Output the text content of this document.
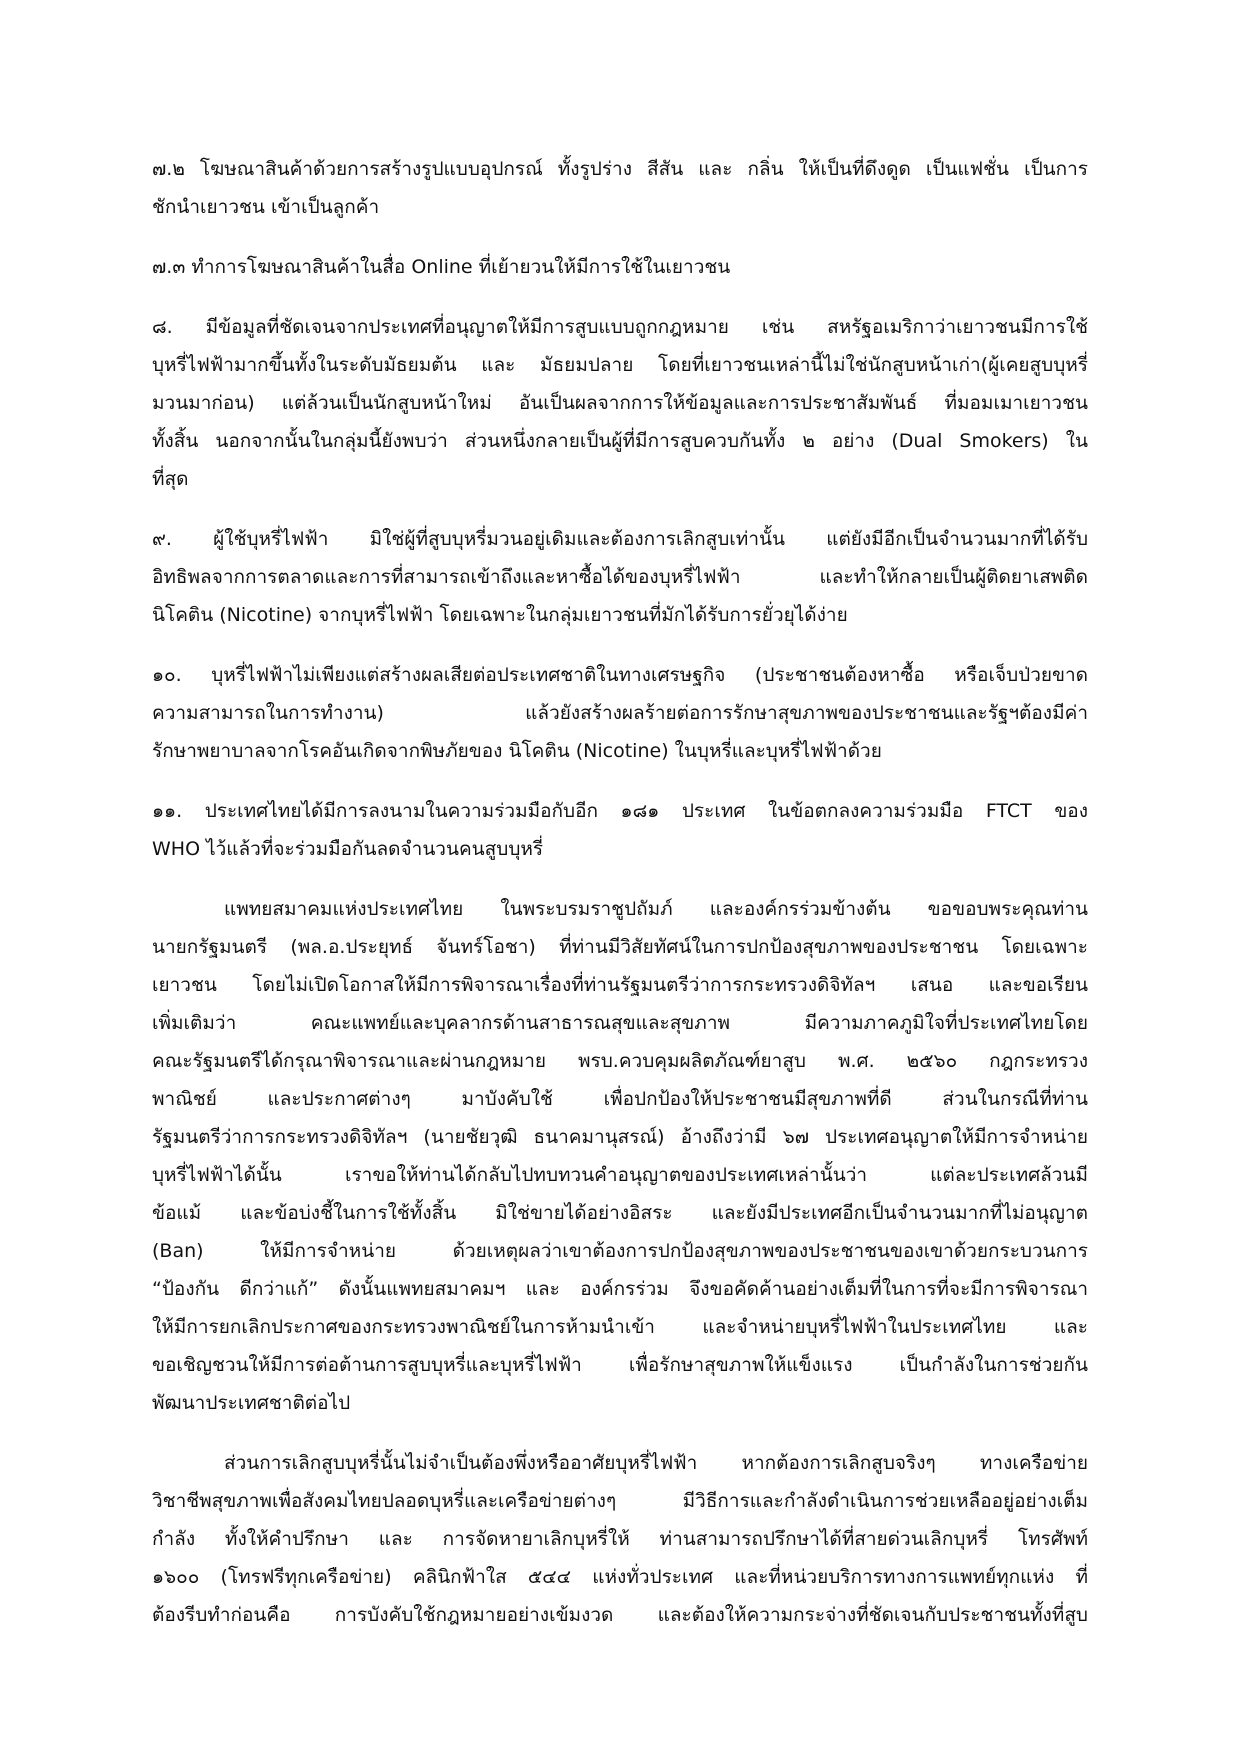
๗.๒ โฆษณาสินค้าด้วยการสร้างรูปแบบอุปกรณ์ ทั้งรูปร่าง สีสัน และ กลิ่น ให้เป็นที่ดึงดูด เป็นแฟชั่น เป็นการ
ชักนำเยาวชน เข้าเป็นลูกค้า
๗.๓ ทำการโฆษณาสินค้าในสื่อ Online ที่เย้ายวนให้มีการใช้ในเยาวชน
๘. มีข้อมูลที่ชัดเจนจากประเทศที่อนุญาตให้มีการสูบแบบถูกกฎหมาย เช่น สหรัฐอเมริกาว่าเยาวชนมีการใช้
บุหรี่ไฟฟ้ามากขึ้นทั้งในระดับมัธยมต้น และ มัธยมปลาย โดยที่เยาวชนเหล่านี้ไม่ใช่นักสูบหน้าเก่า(ผู้เคยสูบบุหรี่
มวนมาก่อน) แต่ล้วนเป็นนักสูบหน้าใหม่ อันเป็นผลจากการให้ข้อมูลและการประชาสัมพันธ์ ที่มอมเมาเยาวชน
ทั้งสิ้น นอกจากนั้นในกลุ่มนี้ยังพบว่า ส่วนหนึ่งกลายเป็นผู้ที่มีการสูบควบกันทั้ง ๒ อย่าง (Dual Smokers) ใน
ที่สุด
๙. ผู้ใช้บุหรี่ไฟฟ้า มิใช่ผู้ที่สูบบุหรี่มวนอยู่เดิมและต้องการเลิกสูบเท่านั้น แต่ยังมีอีกเป็นจำนวนมากที่ได้รับ
อิทธิพลจากการตลาดและการที่สามารถเข้าถึงและหาซื้อได้ของบุหรี่ไฟฟ้า และทำให้กลายเป็นผู้ติดยาเสพติด
นิโคติน (Nicotine) จากบุหรี่ไฟฟ้า โดยเฉพาะในกลุ่มเยาวชนที่มักได้รับการยั่วยุได้ง่าย
๑๐. บุหรี่ไฟฟ้าไม่เพียงแต่สร้างผลเสียต่อประเทศชาติในทางเศรษฐกิจ (ประชาชนต้องหาซื้อ หรือเจ็บป่วยขาด
ความสามารถในการทำงาน) แล้วยังสร้างผลร้ายต่อการรักษาสุขภาพของประชาชนและรัฐฯต้องมีค่า
รักษาพยาบาลจากโรคอันเกิดจากพิษภัยของ นิโคติน (Nicotine) ในบุหรี่และบุหรี่ไฟฟ้าด้วย
๑๑. ประเทศไทยได้มีการลงนามในความร่วมมือกับอีก ๑๘๑ ประเทศ ในข้อตกลงความร่วมมือ FTCT ของ
WHO ไว้แล้วที่จะร่วมมือกันลดจำนวนคนสูบบุหรี่
แพทยสมาคมแห่งประเทศไทย ในพระบรมราชูปถัมภ์ และองค์กรร่วมข้างต้น ขอขอบพระคุณท่าน
นายกรัฐมนตรี (พล.อ.ประยุทธ์ จันทร์โอชา) ที่ท่านมีวิสัยทัศน์ในการปกป้องสุขภาพของประชาชน โดยเฉพาะ
เยาวชน โดยไม่เปิดโอกาสให้มีการพิจารณาเรื่องที่ท่านรัฐมนตรีว่าการกระทรวงดิจิทัลฯ เสนอ และขอเรียน
เพิ่มเติมว่า คณะแพทย์และบุคลากรด้านสาธารณสุขและสุขภาพ มีความภาคภูมิใจที่ประเทศไทยโดย
คณะรัฐมนตรีได้กรุณาพิจารณาและผ่านกฎหมาย พรบ.ควบคุมผลิตภัณฑ์ยาสูบ พ.ศ. ๒๕๖๐ กฎกระทรวง
พาณิชย์ และประกาศต่างๆ มาบังคับใช้ เพื่อปกป้องให้ประชาชนมีสุขภาพที่ดี ส่วนในกรณีที่ท่าน
รัฐมนตรีว่าการกระทรวงดิจิทัลฯ (นายชัยวุฒิ ธนาคมานุสรณ์) อ้างถึงว่ามี ๖๗ ประเทศอนุญาตให้มีการจำหน่าย
บุหรี่ไฟฟ้าได้นั้น เราขอให้ท่านได้กลับไปทบทวนคำอนุญาตของประเทศเหล่านั้นว่า แต่ละประเทศล้วนมี
ข้อแม้ และข้อบ่งชี้ในการใช้ทั้งสิ้น มิใช่ขายได้อย่างอิสระ และยังมีประเทศอีกเป็นจำนวนมากที่ไม่อนุญาต
(Ban) ให้มีการจำหน่าย ด้วยเหตุผลว่าเขาต้องการปกป้องสุขภาพของประชาชนของเขาด้วยกระบวนการ
“ป้องกัน ดีกว่าแก้” ดังนั้นแพทยสมาคมฯ และ องค์กรร่วม จึงขอคัดค้านอย่างเต็มที่ในการที่จะมีการพิจารณา
ให้มีการยกเลิกประกาศของกระทรวงพาณิชย์ในการห้ามนำเข้า และจำหน่ายบุหรี่ไฟฟ้าในประเทศไทย และ
ขอเชิญชวนให้มีการต่อต้านการสูบบุหรี่และบุหรี่ไฟฟ้า เพื่อรักษาสุขภาพให้แข็งแรง เป็นกำลังในการช่วยกัน
พัฒนาประเทศชาติต่อไป
ส่วนการเลิกสูบบุหรี่นั้นไม่จำเป็นต้องพึ่งหรืออาศัยบุหรี่ไฟฟ้า หากต้องการเลิกสูบจริงๆ ทางเครือข่าย
วิชาชีพสุขภาพเพื่อสังคมไทยปลอดบุหรี่และเครือข่ายต่างๆ มีวิธีการและกำลังดำเนินการช่วยเหลืออยู่อย่างเต็ม
กำลัง ทั้งให้คำปรึกษา และ การจัดหายาเลิกบุหรี่ให้ ท่านสามารถปรึกษาได้ที่สายด่วนเลิกบุหรี่ โทรศัพท์
๑๖๐๐ (โทรฟรีทุกเครือข่าย) คลินิกฟ้าใส ๕๔๔ แห่งทั่วประเทศ และที่หน่วยบริการทางการแพทย์ทุกแห่ง ที่
ต้องรีบทำก่อนคือ การบังคับใช้กฎหมายอย่างเข้มงวด และต้องให้ความกระจ่างที่ชัดเจนกับประชาชนทั้งที่สูบ
